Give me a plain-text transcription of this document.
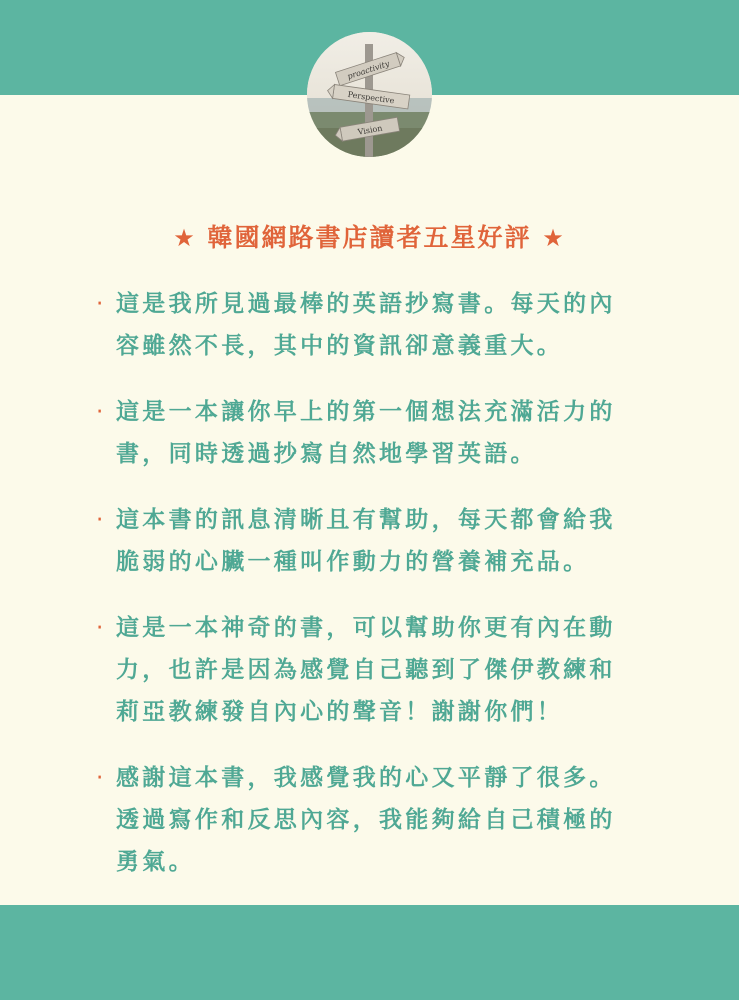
proactivity
Perspective
Vision
★ 韓國網路書店讀者五星好評 ★
· 這是我所見過最棒的英語抄寫書。每天的內
容雖然不長，其中的資訊卻意義重大。
· 這是一本讓你早上的第一個想法充滿活力的
書，同時透過抄寫自然地學習英語。
· 這本書的訊息清晰且有幫助，每天都會給我
脆弱的心臟一種叫作動力的營養補充品。
· 這是一本神奇的書，可以幫助你更有內在動
力，也許是因為感覺自己聽到了傑伊教練和
莉亞教練發自內心的聲音！謝謝你們！
· 感謝這本書，我感覺我的心又平靜了很多。
透過寫作和反思內容，我能夠給自己積極的
勇氣。
